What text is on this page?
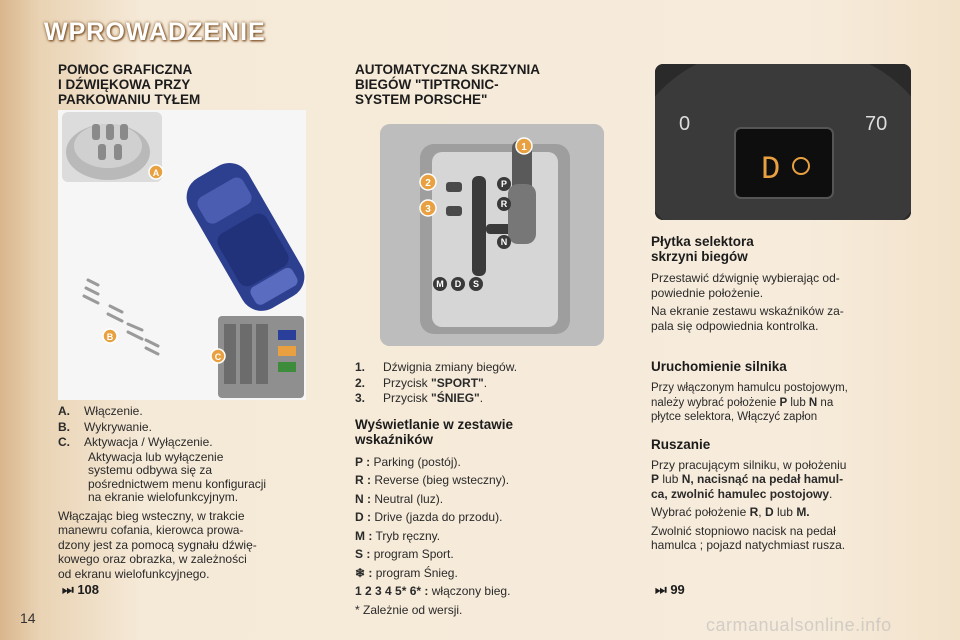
WPROWADZENIE
POMOC GRAFICZNA
I DŹWIĘKOWA PRZY
PARKOWANIU TYŁEM
A
B
C
A.	Włączenie.
B.	Wykrywanie.
C.	Aktywacja / Wyłączenie.
Aktywacja lub wyłączenie
systemu odbywa się za
pośrednictwem menu konfiguracji
na ekranie wielofunkcyjnym.

Włączając bieg wsteczny, w trakcie
manewru cofania, kierowca prowa-
dzony jest za pomocą sygnału dźwię-
kowego oraz obrazka, w zależności
od ekranu wielofunkcyjnego.

⏭ 108
AUTOMATYCZNA SKRZYNIA
BIEGÓW "TIPTRONIC-
SYSTEM PORSCHE"
P
R
N
D
M	S
1
2
3
1.	Dźwignia zmiany biegów.
2.	Przycisk "SPORT".
3.	Przycisk "ŚNIEG".
Wyświetlanie w zestawie
wskaźników
P : Parking (postój).
R : Reverse (bieg wsteczny).
N : Neutral (luz).
D : Drive (jazda do przodu).
M : Tryb ręczny.
S : program Sport.
❄ : program Śnieg.
1 2 3 4 5* 6* : włączony bieg.
* Zależnie od wersji.
0	70
D
Płytka selektora
skrzyni biegów

Przestawić dźwignię wybierając od-
powiednie położenie.

Na ekranie zestawu wskaźników za-
pala się odpowiednia kontrolka.

Uruchomienie silnika

Przy włączonym hamulcu postojowym,
należy wybrać położenie P lub N na
płytce selektora, Włączyć zapłon

Ruszanie

Przy pracującym silniku, w położeniu
P lub N, nacisnąć na pedał hamul-
ca, zwolnić hamulec postojowy.

Wybrać położenie R, D lub M.

Zwolnić stopniowo nacisk na pedał
hamulca ; pojazd natychmiast rusza.

⏭ 99
14	carmanualsonline.info
